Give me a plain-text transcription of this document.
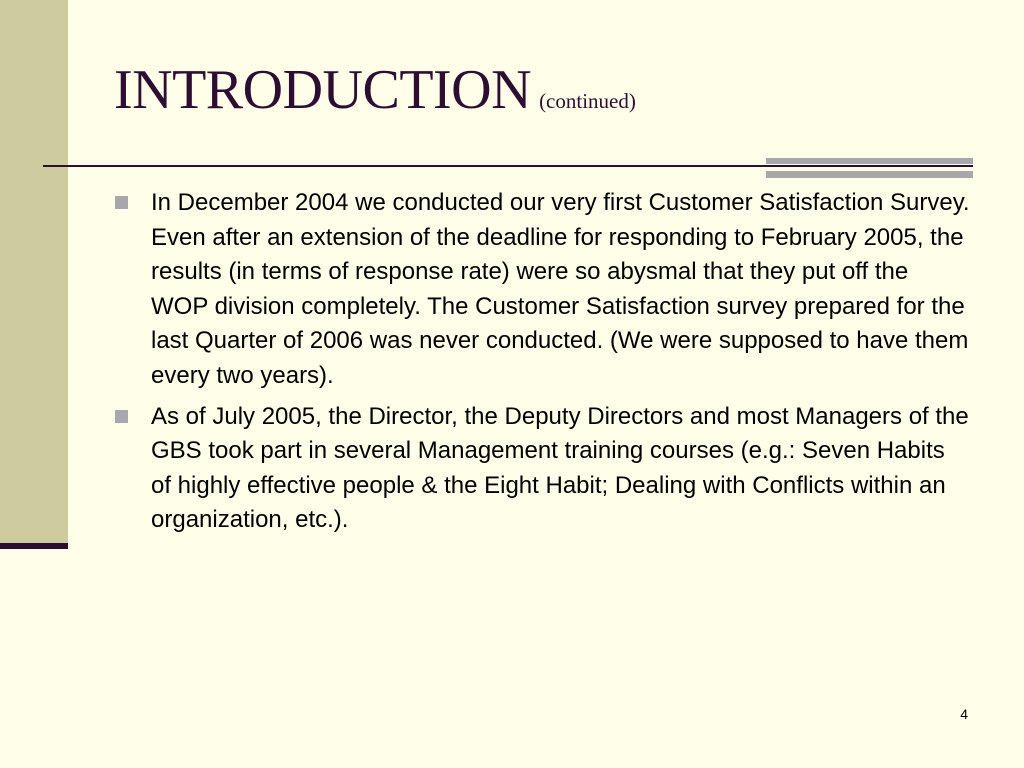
INTRODUCTION (continued)
In December 2004 we conducted our very first Customer Satisfaction Survey. Even after an extension of the deadline for responding to February 2005, the results (in terms of response rate) were so abysmal that they put off the WOP division completely. The Customer Satisfaction survey prepared for the last Quarter of 2006 was never conducted. (We were supposed to have them every two years).
As of July 2005, the Director, the Deputy Directors and most Managers of the GBS took part in several Management training courses (e.g.: Seven Habits of highly effective people & the Eight Habit; Dealing with Conflicts within an organization, etc.).
4
